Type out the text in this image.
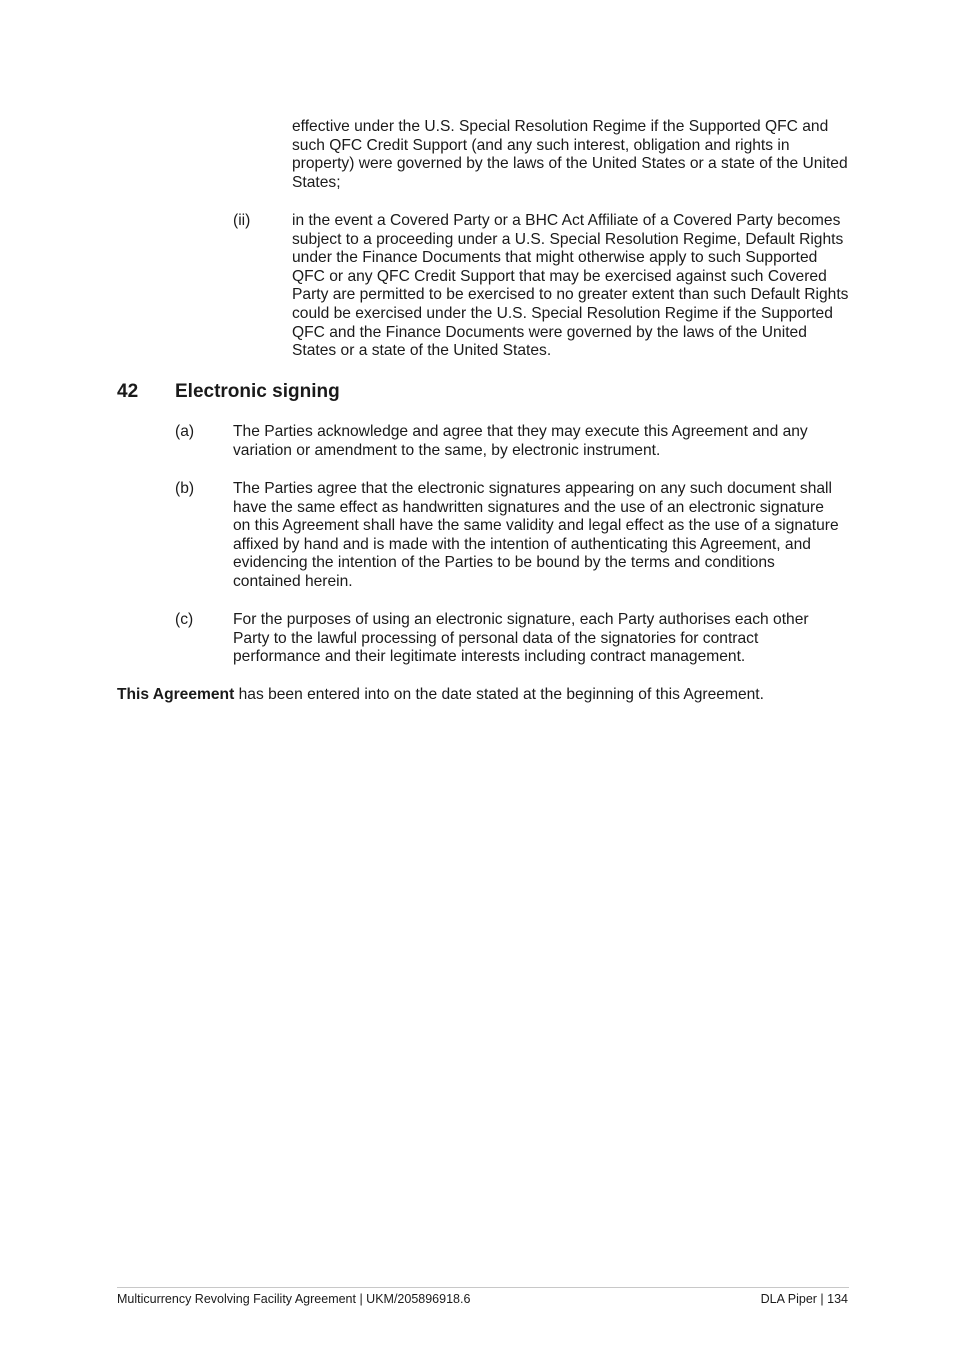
effective under the U.S. Special Resolution Regime if the Supported QFC and such QFC Credit Support (and any such interest, obligation and rights in property) were governed by the laws of the United States or a state of the United States;

(ii)	in the event a Covered Party or a BHC Act Affiliate of a Covered Party becomes subject to a proceeding under a U.S. Special Resolution Regime, Default Rights under the Finance Documents that might otherwise apply to such Supported QFC or any QFC Credit Support that may be exercised against such Covered Party are permitted to be exercised to no greater extent than such Default Rights could be exercised under the U.S. Special Resolution Regime if the Supported QFC and the Finance Documents were governed by the laws of the United States or a state of the United States.

42 Electronic signing
(a) The Parties acknowledge and agree that they may execute this Agreement and any variation or amendment to the same, by electronic instrument.

(b) The Parties agree that the electronic signatures appearing on any such document shall have the same effect as handwritten signatures and the use of an electronic signature on this Agreement shall have the same validity and legal effect as the use of a signature affixed by hand and is made with the intention of authenticating this Agreement, and evidencing the intention of the Parties to be bound by the terms and conditions contained herein.

(c)	For the purposes of using an electronic signature, each Party authorises each other Party to the lawful processing of personal data of the signatories for contract performance and their legitimate interests including contract management.

This Agreement has been entered into on the date stated at the beginning of this Agreement.

Multicurrency Revolving Facility Agreement | UKM/205896918.6	DLA Piper | 134
